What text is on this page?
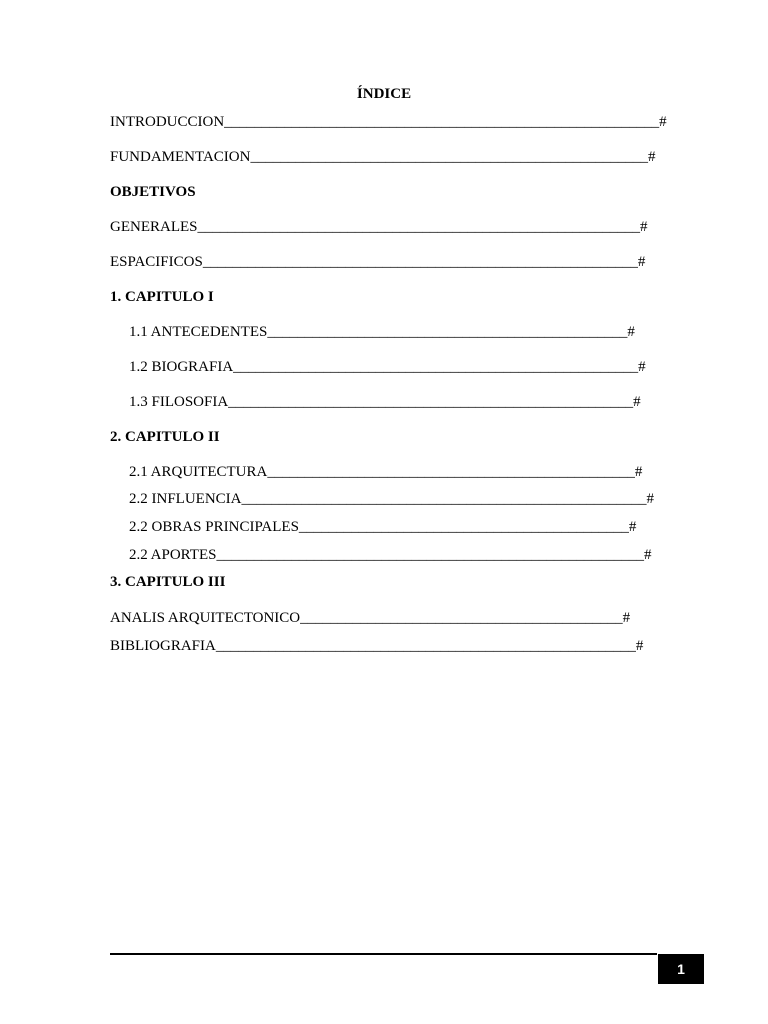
ÍNDICE
INTRODUCCION__________________________________________________________#
FUNDAMENTACION_____________________________________________________#
OBJETIVOS
GENERALES___________________________________________________________#
ESPACIFICOS__________________________________________________________#
1. CAPITULO I
1.1 ANTECEDENTES________________________________________________#
1.2 BIOGRAFIA______________________________________________________#
1.3 FILOSOFIA______________________________________________________#
2. CAPITULO II
2.1 ARQUITECTURA_________________________________________________#
2.2 INFLUENCIA______________________________________________________#
2.2 OBRAS PRINCIPALES____________________________________________#
2.2 APORTES_________________________________________________________#
3. CAPITULO III
ANALIS ARQUITECTONICO___________________________________________#
BIBLIOGRAFIA________________________________________________________#
1
